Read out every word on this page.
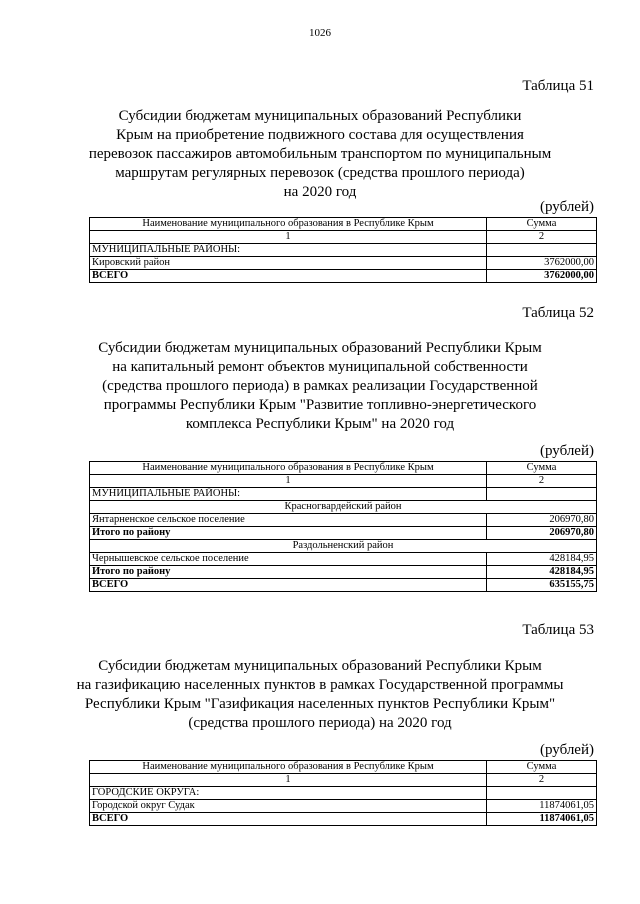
1026
Таблица 51
Субсидии бюджетам муниципальных образований Республики
Крым на приобретение подвижного состава для осуществления
перевозок пассажиров автомобильным транспортом по муниципальным
маршрутам регулярных перевозок (средства прошлого периода)
на 2020 год
(рублей)
Наименование муниципального образования в Республике Крым	Сумма
1	2
МУНИЦИПАЛЬНЫЕ РАЙОНЫ:	
Кировский район	3762000,00
ВСЕГО	3762000,00
Таблица 52
Субсидии бюджетам муниципальных образований Республики Крым
на капитальный ремонт объектов муниципальной собственности
(средства прошлого периода) в рамках реализации Государственной
программы Республики Крым "Развитие топливно-энергетического
комплекса Республики Крым" на 2020 год
(рублей)
Наименование муниципального образования в Республике Крым	Сумма
1	2
МУНИЦИПАЛЬНЫЕ РАЙОНЫ:	
Красногвардейский район	
Янтарненское сельское поселение	206970,80
Итого по району	206970,80
Раздольненский район	
Чернышевское сельское поселение	428184,95
Итого по району	428184,95
ВСЕГО	635155,75
Таблица 53
Субсидии бюджетам муниципальных образований Республики Крым
на газификацию населенных пунктов в рамках Государственной программы
Республики Крым "Газификация населенных пунктов Республики Крым"
(средства прошлого периода) на 2020 год
(рублей)
Наименование муниципального образования в Республике Крым	Сумма
1	2
ГОРОДСКИЕ ОКРУГА:	
Городской округ Судак	11874061,05
ВСЕГО	11874061,05
